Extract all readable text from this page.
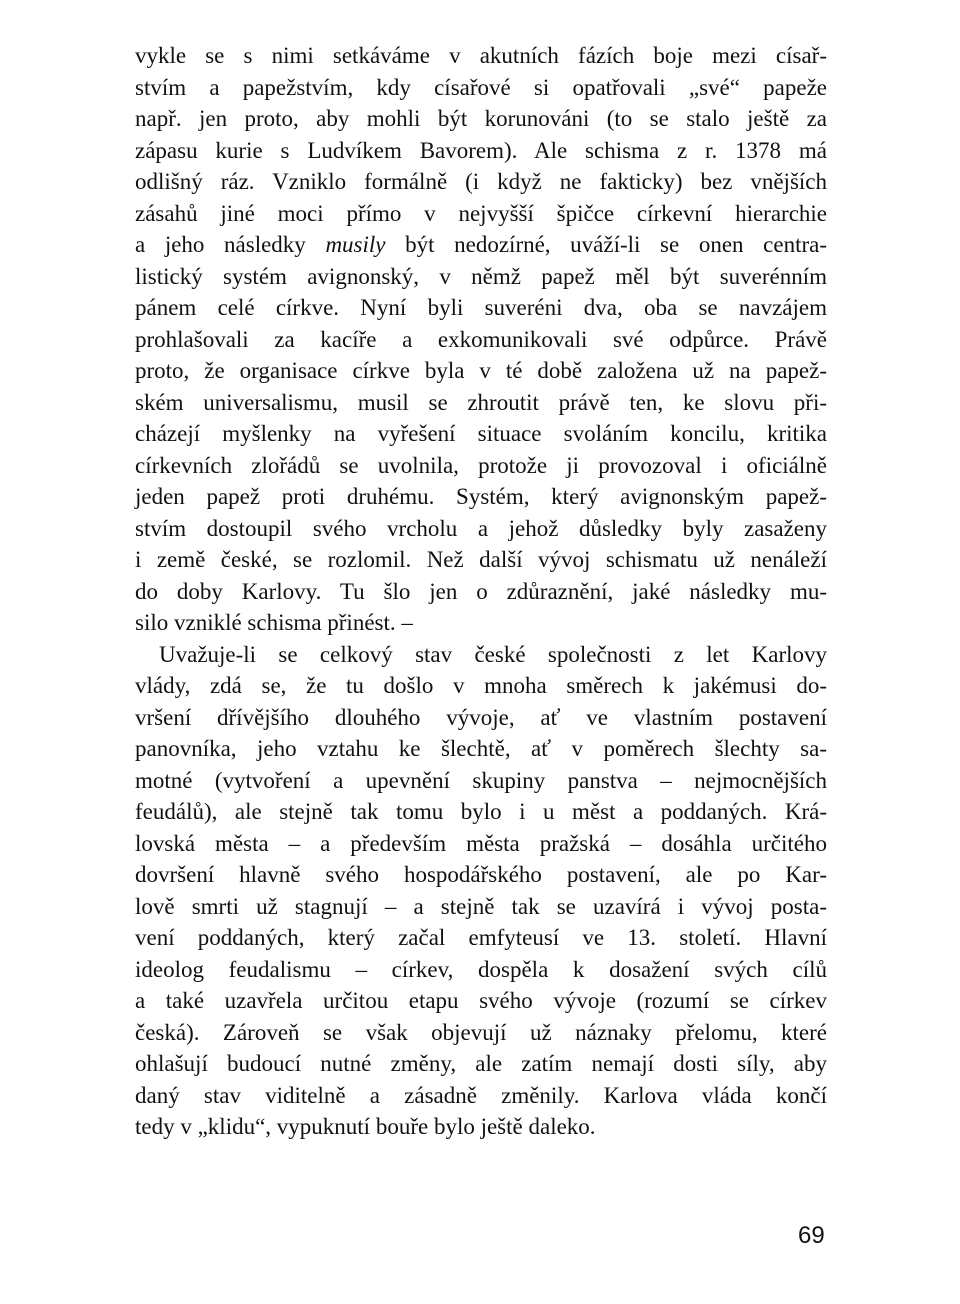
vykle se s nimi setkáváme v akutních fázích boje mezi císař-
stvím a papežstvím, kdy císařové si opatřovali „své“ papeže
např. jen proto, aby mohli být korunováni (to se stalo ještě za
zápasu kurie s Ludvíkem Bavorem). Ale schisma z r. 1378 má
odlišný ráz. Vzniklo formálně (i když ne fakticky) bez vnějších
zásahů jiné moci přímo v nejvyšší špičce církevní hierarchie
a jeho následky musily být nedozírné, uváží-li se onen centra-
listický systém avignonský, v němž papež měl být suverénním
pánem celé církve. Nyní byli suveréni dva, oba se navzájem
prohlašovali za kacíře a exkomunikovali své odpůrce. Právě
proto, že organisace církve byla v té době založena už na papež-
ském universalismu, musil se zhroutit právě ten, ke slovu při-
cházejí myšlenky na vyřešení situace svoláním koncilu, kritika
církevních zlořádů se uvolnila, protože ji provozoval i oficiálně
jeden papež proti druhému. Systém, který avignonským papež-
stvím dostoupil svého vrcholu a jehož důsledky byly zasaženy
i země české, se rozlomil. Než další vývoj schismatu už nenáleží
do doby Karlovy. Tu šlo jen o zdůraznění, jaké následky mu-
silo vzniklé schisma přinést. –
Uvažuje-li se celkový stav české společnosti z let Karlovy
vlády, zdá se, že tu došlo v mnoha směrech k jakémusi do-
vršení dřívějšího dlouhého vývoje, ať ve vlastním postavení
panovníka, jeho vztahu ke šlechtě, ať v poměrech šlechty sa-
motné (vytvoření a upevnění skupiny panstva – nejmocnějších
feudálů), ale stejně tak tomu bylo i u měst a poddaných. Krá-
lovská města – a především města pražská – dosáhla určitého
dovršení hlavně svého hospodářského postavení, ale po Kar-
lově smrti už stagnují – a stejně tak se uzavírá i vývoj posta-
vení poddaných, který začal emfyteusí ve 13. století. Hlavní
ideolog feudalismu – církev, dospěla k dosažení svých cílů
a také uzavřela určitou etapu svého vývoje (rozumí se církev
česká). Zároveň se však objevují už náznaky přelomu, které
ohlašují budoucí nutné změny, ale zatím nemají dosti síly, aby
daný stav viditelně a zásadně změnily. Karlova vláda končí
tedy v „klidu“, vypuknutí bouře bylo ještě daleko.
69
